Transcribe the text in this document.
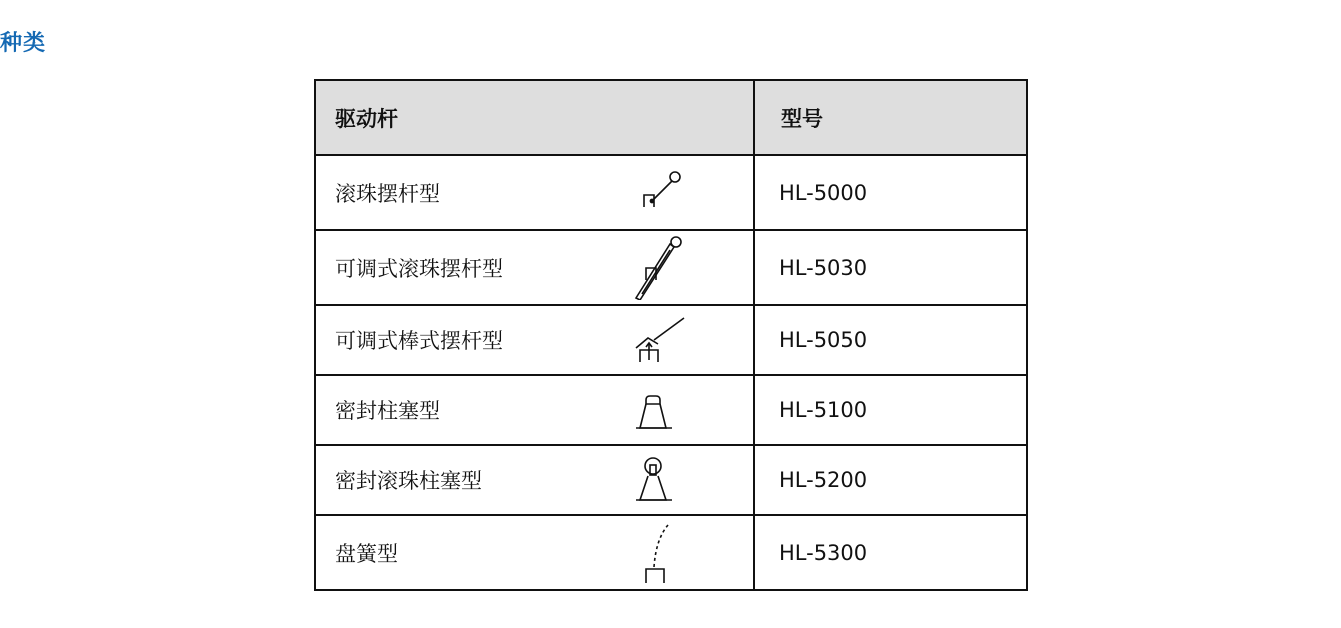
种类
驱动杆	型号
滚珠摆杆型	HL-5000
可调式滚珠摆杆型	HL-5030
可调式棒式摆杆型	HL-5050
密封柱塞型	HL-5100
密封滚珠柱塞型	HL-5200
盘簧型	HL-5300
